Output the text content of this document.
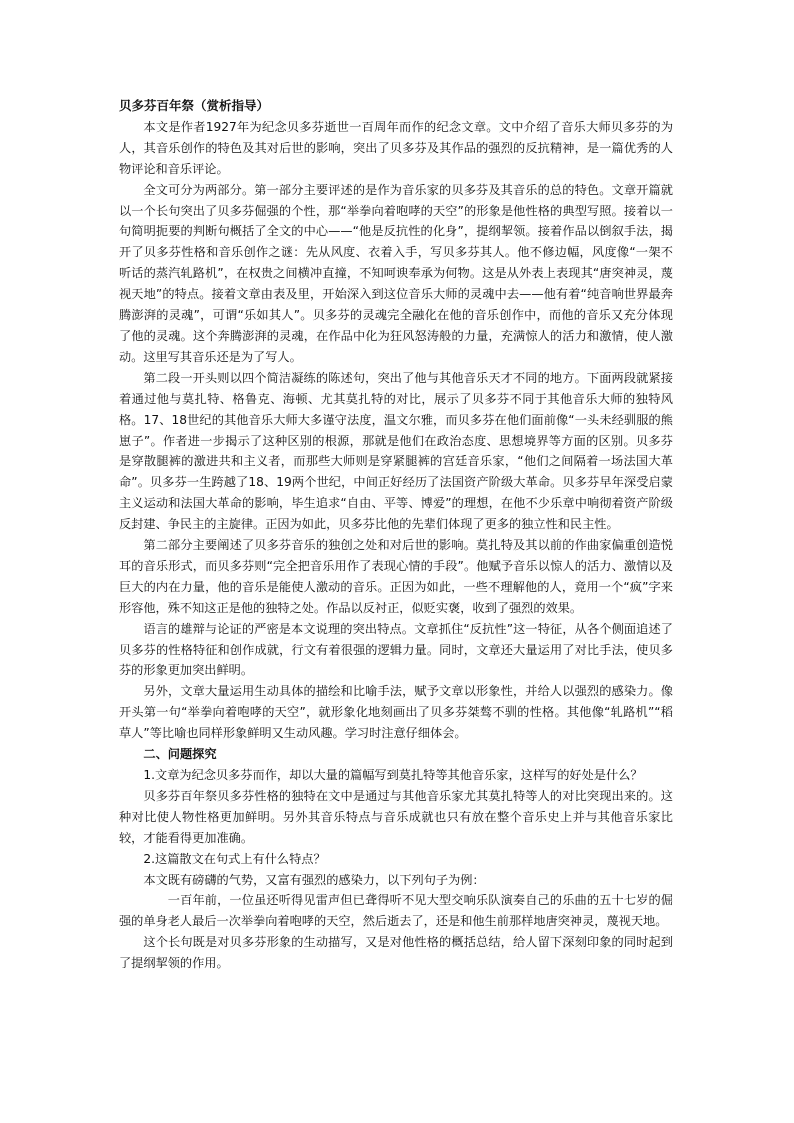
贝多芬百年祭（赏析指导）

本文是作者1927年为纪念贝多芬逝世一百周年而作的纪念文章。文中介绍了音乐大师贝多芬的为人，其音乐创作的特色及其对后世的影响，突出了贝多芬及其作品的强烈的反抗精神，是一篇优秀的人物评论和音乐评论。

全文可分为两部分。第一部分主要评述的是作为音乐家的贝多芬及其音乐的总的特色。文章开篇就以一个长句突出了贝多芬倔强的个性，那“举拳向着咆哮的天空”的形象是他性格的典型写照。接着以一句简明扼要的判断句概括了全文的中心——“他是反抗性的化身”，提纲挈领。接着作品以倒叙手法，揭开了贝多芬性格和音乐创作之谜：先从风度、衣着入手，写贝多芬其人。他不修边幅，风度像“一架不听话的蒸汽轧路机”，在权贵之间横冲直撞，不知呵谀奉承为何物。这是从外表上表现其“唐突神灵，蔑视天地”的特点。接着文章由表及里，开始深入到这位音乐大师的灵魂中去——他有着“纯音响世界最奔腾澎湃的灵魂”，可谓“乐如其人”。贝多芬的灵魂完全融化在他的音乐创作中，而他的音乐又充分体现了他的灵魂。这个奔腾澎湃的灵魂，在作品中化为狂风怒涛般的力量，充满惊人的活力和激情，使人激动。这里写其音乐还是为了写人。

第二段一开头则以四个简洁凝练的陈述句，突出了他与其他音乐天才不同的地方。下面两段就紧接着通过他与莫扎特、格鲁克、海顿、尤其莫扎特的对比，展示了贝多芬不同于其他音乐大师的独特风格。17、18世纪的其他音乐大师大多谨守法度，温文尔雅，而贝多芬在他们面前像“一头未经驯服的熊崽子”。作者进一步揭示了这种区别的根源，那就是他们在政治态度、思想境界等方面的区别。贝多芬是穿散腿裤的激进共和主义者，而那些大师则是穿紧腿裤的宫廷音乐家，“他们之间隔着一场法国大革命”。贝多芬一生跨越了18、19两个世纪，中间正好经历了法国资产阶级大革命。贝多芬早年深受启蒙主义运动和法国大革命的影响，毕生追求“自由、平等、博爱”的理想，在他不少乐章中响彻着资产阶级反封建、争民主的主旋律。正因为如此，贝多芬比他的先辈们体现了更多的独立性和民主性。

第二部分主要阐述了贝多芬音乐的独创之处和对后世的影响。莫扎特及其以前的作曲家偏重创造悦耳的音乐形式，而贝多芬则“完全把音乐用作了表现心情的手段”。他赋予音乐以惊人的活力、激情以及巨大的内在力量，他的音乐是能使人激动的音乐。正因为如此，一些不理解他的人，竟用一个“疯”字来形容他，殊不知这正是他的独特之处。作品以反衬正，似贬实褒，收到了强烈的效果。

语言的雄辩与论证的严密是本文说理的突出特点。文章抓住“反抗性”这一特征，从各个侧面追述了贝多芬的性格特征和创作成就，行文有着很强的逻辑力量。同时，文章还大量运用了对比手法，使贝多芬的形象更加突出鲜明。

另外，文章大量运用生动具体的描绘和比喻手法，赋予文章以形象性，并给人以强烈的感染力。像开头第一句“举拳向着咆哮的天空”，就形象化地刻画出了贝多芬桀骜不驯的性格。其他像“轧路机”“稻草人”等比喻也同样形象鲜明又生动风趣。学习时注意仔细体会。

二、问题探究

1.文章为纪念贝多芬而作，却以大量的篇幅写到莫扎特等其他音乐家，这样写的好处是什么？

贝多芬百年祭贝多芬性格的独特在文中是通过与其他音乐家尤其莫扎特等人的对比突现出来的。这种对比使人物性格更加鲜明。另外其音乐特点与音乐成就也只有放在整个音乐史上并与其他音乐家比较，才能看得更加准确。

2.这篇散文在句式上有什么特点？

本文既有磅礴的气势，又富有强烈的感染力，以下列句子为例：

一百年前，一位虽还听得见雷声但已聋得听不见大型交响乐队演奏自己的乐曲的五十七岁的倔强的单身老人最后一次举拳向着咆哮的天空，然后逝去了，还是和他生前那样地唐突神灵，蔑视天地。

这个长句既是对贝多芬形象的生动描写，又是对他性格的概括总结，给人留下深刻印象的同时起到了提纲挈领的作用。
